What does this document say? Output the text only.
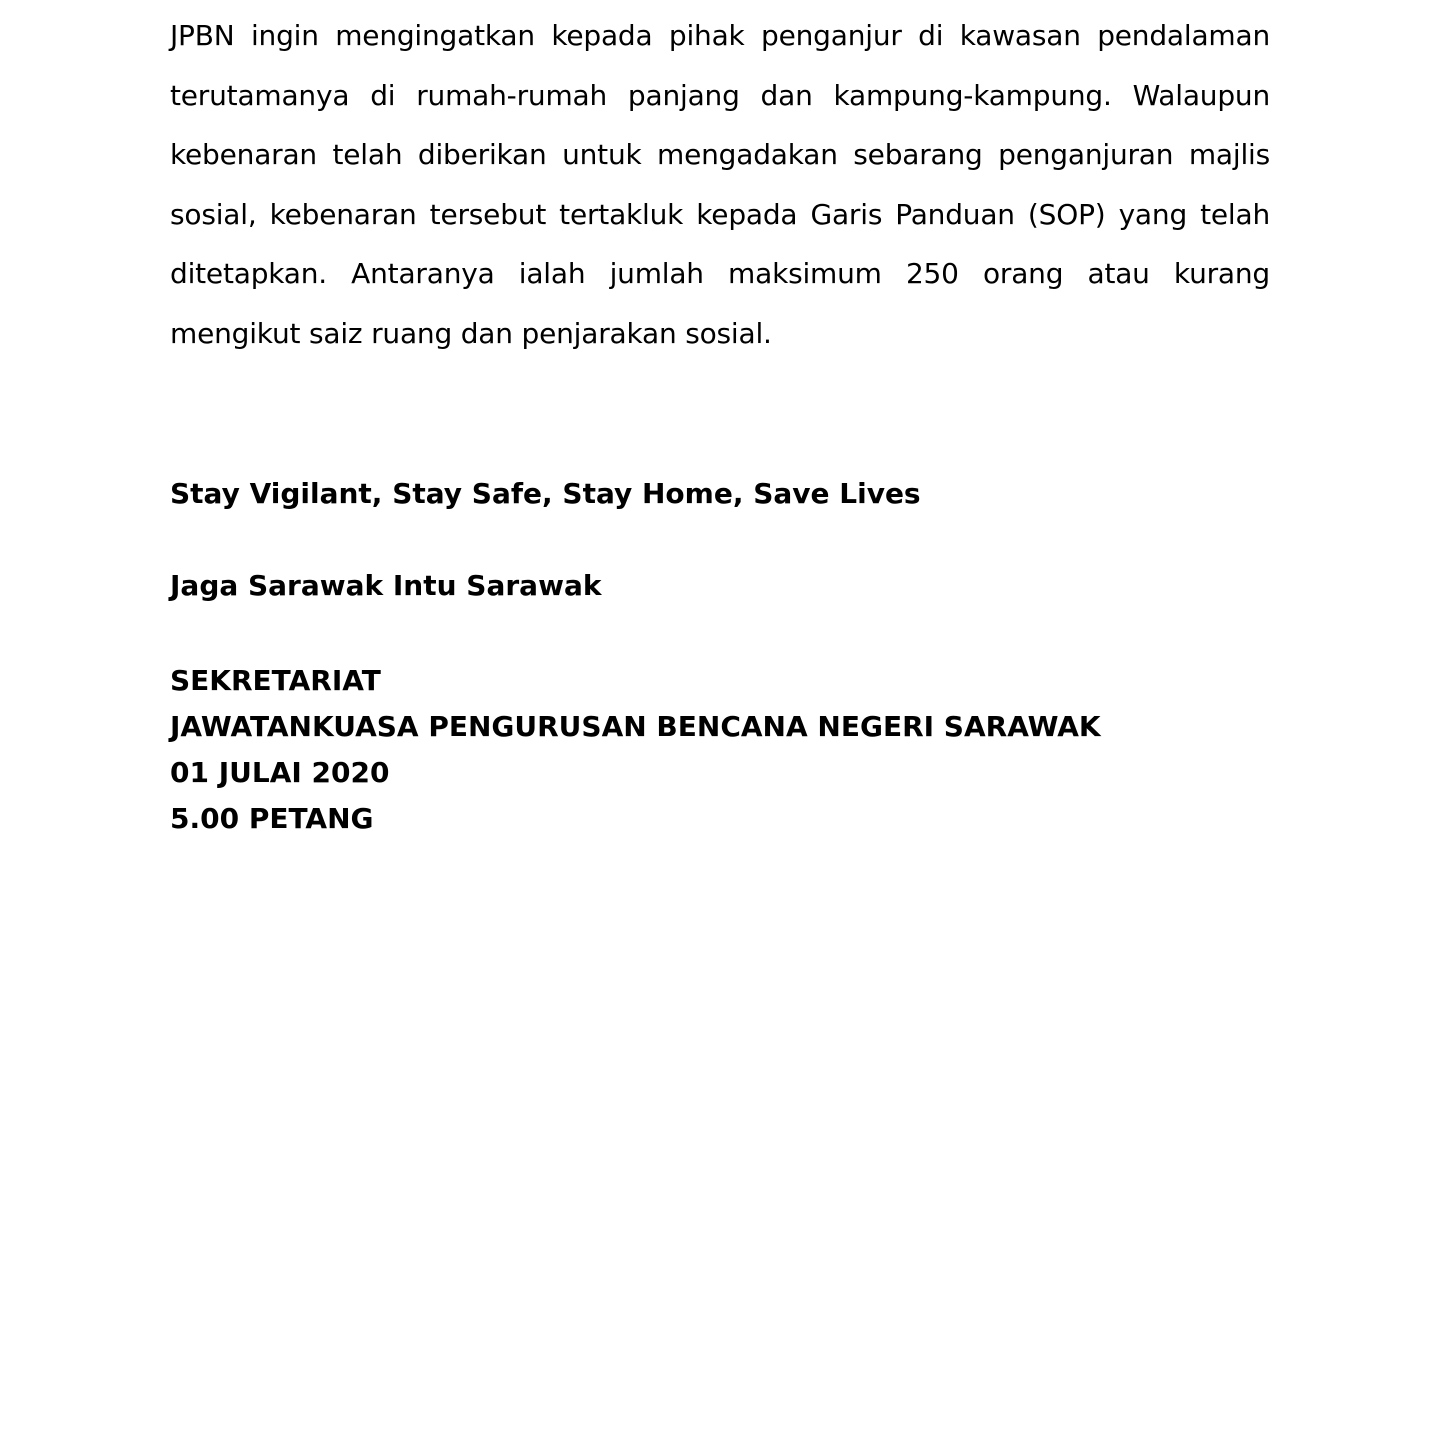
JPBN ingin mengingatkan kepada pihak penganjur di kawasan pendalaman terutamanya di rumah-rumah panjang dan kampung-kampung. Walaupun kebenaran telah diberikan untuk mengadakan sebarang penganjuran majlis sosial, kebenaran tersebut tertakluk kepada Garis Panduan (SOP) yang telah ditetapkan. Antaranya ialah jumlah maksimum 250 orang atau kurang mengikut saiz ruang dan penjarakan sosial.

Stay Vigilant, Stay Safe, Stay Home, Save Lives

Jaga Sarawak Intu Sarawak

SEKRETARIAT

JAWATANKUASA PENGURUSAN BENCANA NEGERI SARAWAK

01 JULAI 2020

5.00 PETANG
